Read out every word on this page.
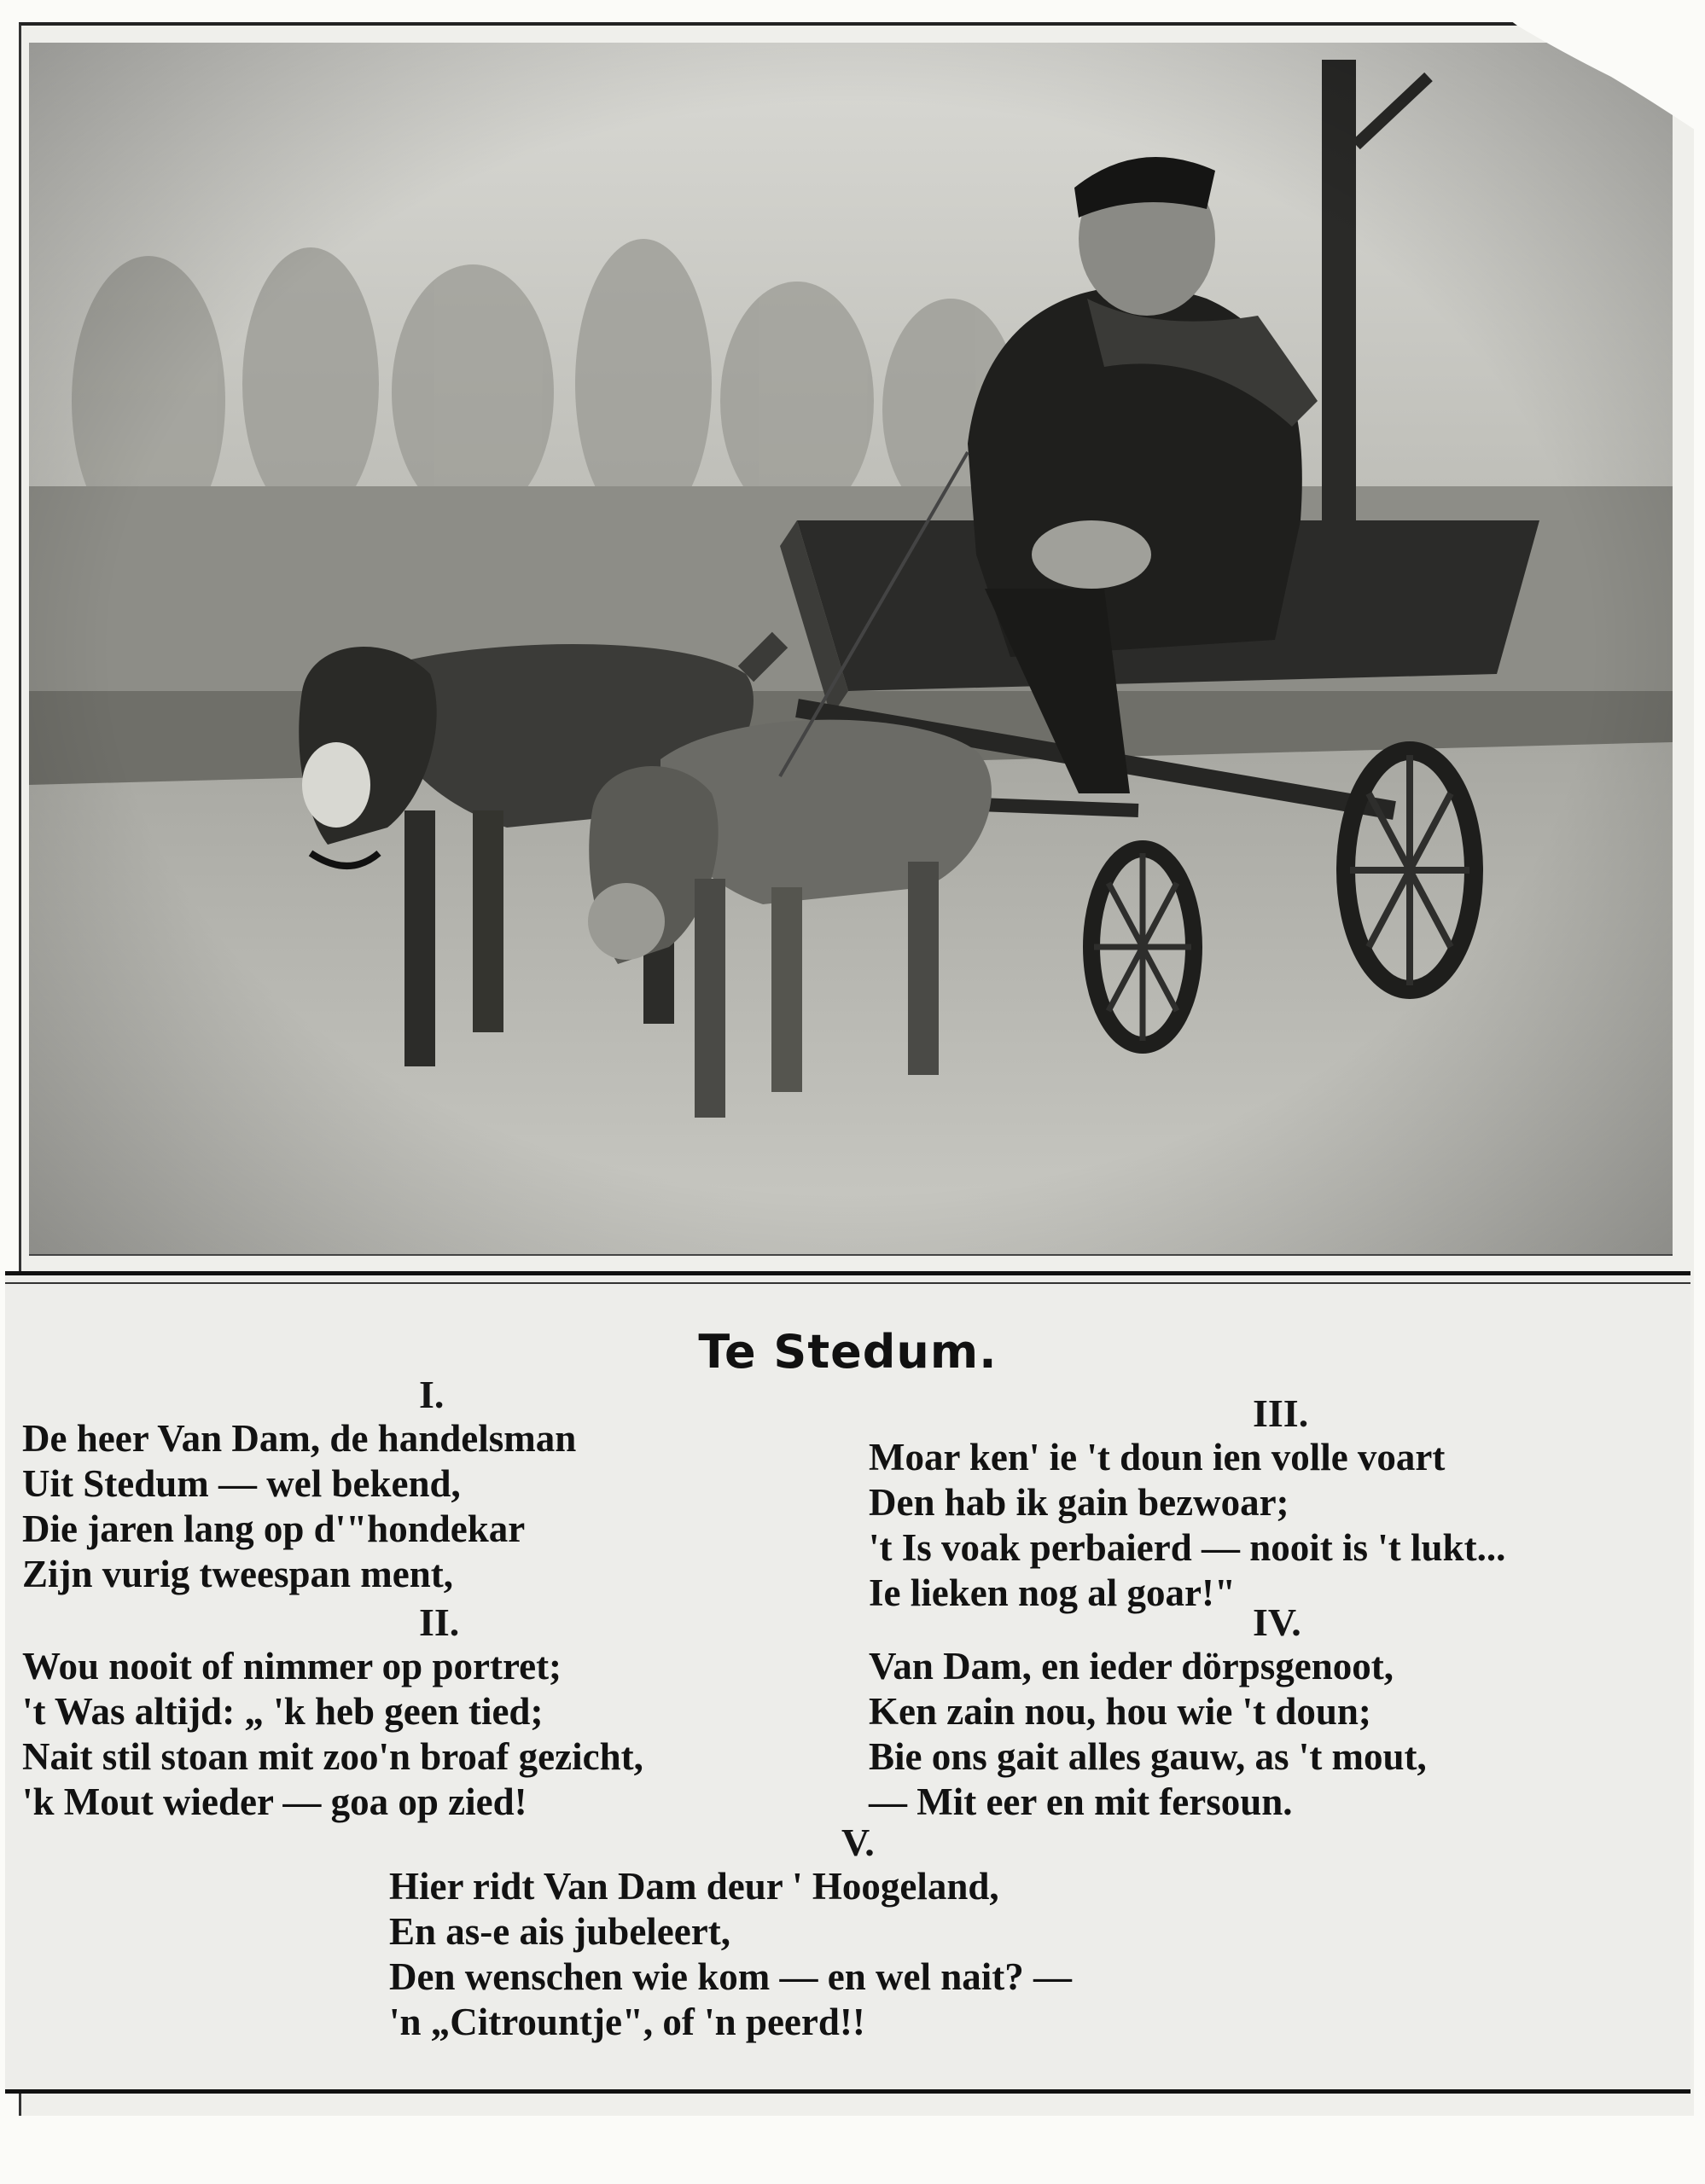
Te Stedum.
I.
De heer Van Dam, de handelsman
Uit Stedum — wel bekend,
Die jaren lang op d'"hondekar
Zijn vurig tweespan ment,
II.
Wou nooit of nimmer op portret;
't Was altijd: „ 'k heb geen tied;
Nait stil stoan mit zoo'n broaf gezicht,
'k Mout wieder — goa op zied!
III.
Moar ken' ie 't doun ien volle voart
Den hab ik gain bezwoar;
't Is voak perbaierd — nooit is 't lukt...
Ie lieken nog al goar!"
IV.
Van Dam, en ieder dörpsgenoot,
Ken zain nou, hou wie 't doun;
Bie ons gait alles gauw, as 't mout,
— Mit eer en mit fersoun.
V.
Hier ridt Van Dam deur ' Hoogeland,
En as-e ais jubeleert,
Den wenschen wie kom — en wel nait? —
'n „Citrountje", of 'n peerd!!
